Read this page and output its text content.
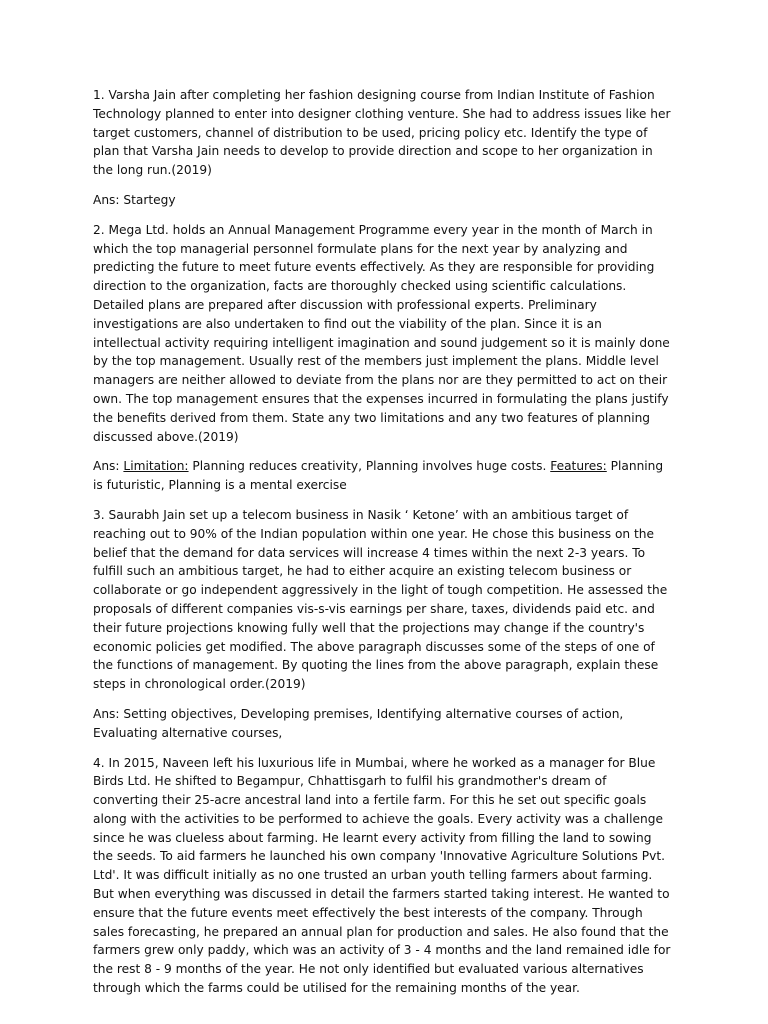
1. Varsha Jain after completing her fashion designing course from Indian Institute of Fashion Technology planned to enter into designer clothing venture. She had to address issues like her target customers, channel of distribution to be used, pricing policy etc. Identify the type of plan that Varsha Jain needs to develop to provide direction and scope to her organization in the long run.(2019)

Ans: Startegy

2. Mega Ltd. holds an Annual Management Programme every year in the month of March in which the top managerial personnel formulate plans for the next year by analyzing and predicting the future to meet future events effectively. As they are responsible for providing direction to the organization, facts are thoroughly checked using scientific calculations. Detailed plans are prepared after discussion with professional experts. Preliminary investigations are also undertaken to find out the viability of the plan. Since it is an intellectual activity requiring intelligent imagination and sound judgement so it is mainly done by the top management. Usually rest of the members just implement the plans. Middle level managers are neither allowed to deviate from the plans nor are they permitted to act on their own. The top management ensures that the expenses incurred in formulating the plans justify the benefits derived from them. State any two limitations and any two features of planning discussed above.(2019)

Ans: Limitation: Planning reduces creativity, Planning involves huge costs. Features: Planning is futuristic, Planning is a mental exercise

3. Saurabh Jain set up a telecom business in Nasik ‘ Ketone’ with an ambitious target of reaching out to 90% of the Indian population within one year. He chose this business on the belief that the demand for data services will increase 4 times within the next 2-3 years. To fulfill such an ambitious target, he had to either acquire an existing telecom business or collaborate or go independent aggressively in the light of tough competition. He assessed the proposals of different companies vis-s-vis earnings per share, taxes, dividends paid etc. and their future projections knowing fully well that the projections may change if the country's economic policies get modified. The above paragraph discusses some of the steps of one of the functions of management. By quoting the lines from the above paragraph, explain these steps in chronological order.(2019)

Ans: Setting objectives, Developing premises, Identifying alternative courses of action, Evaluating alternative courses,

4. In 2015, Naveen left his luxurious life in Mumbai, where he worked as a manager for Blue Birds Ltd. He shifted to Begampur, Chhattisgarh to fulfil his grandmother's dream of converting their 25-acre ancestral land into a fertile farm. For this he set out specific goals along with the activities to be performed to achieve the goals. Every activity was a challenge since he was clueless about farming. He learnt every activity from filling the land to sowing the seeds. To aid farmers he launched his own company 'Innovative Agriculture Solutions Pvt. Ltd'. It was difficult initially as no one trusted an urban youth telling farmers about farming. But when everything was discussed in detail the farmers started taking interest. He wanted to ensure that the future events meet effectively the best interests of the company. Through sales forecasting, he prepared an annual plan for production and sales. He also found that the farmers grew only paddy, which was an activity of 3 - 4 months and the land remained idle for the rest 8 - 9 months of the year. He not only identified but evaluated various alternatives through which the farms could be utilised for the remaining months of the year.
